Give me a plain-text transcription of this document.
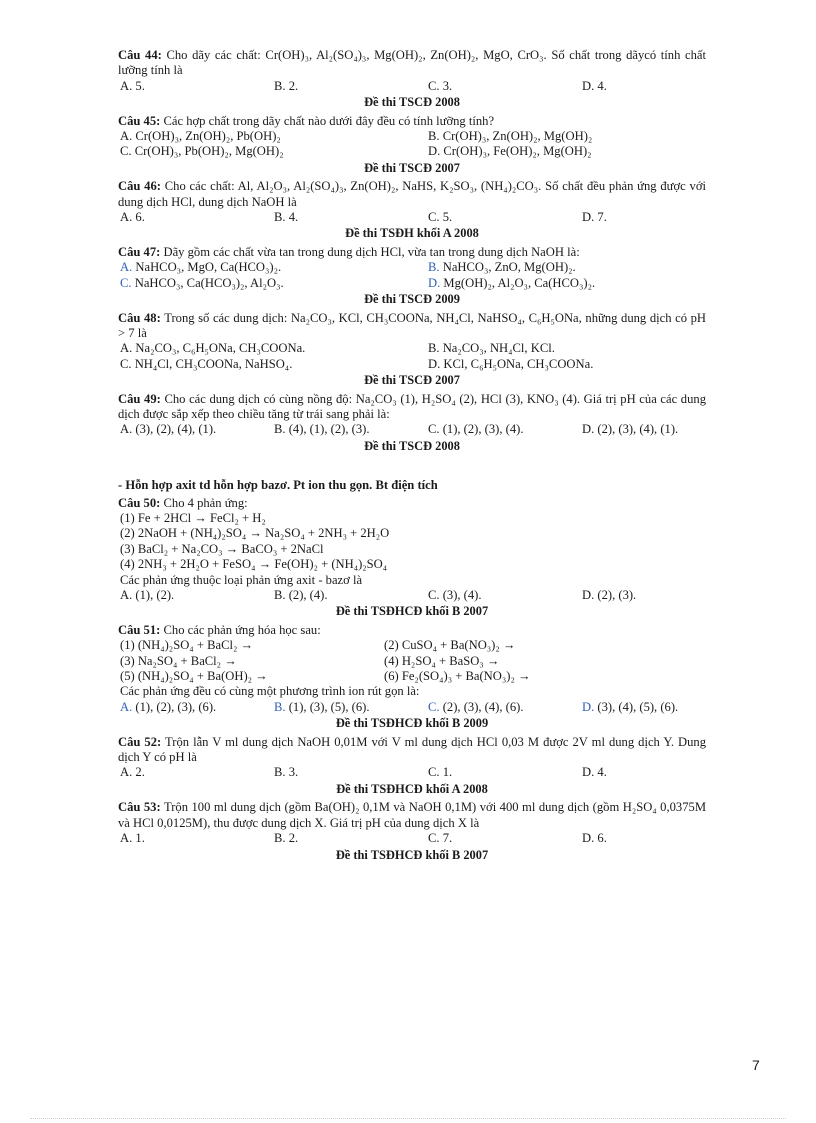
Câu 44: Cho dãy các chất: Cr(OH)₃, Al₂(SO₄)₃, Mg(OH)₂, Zn(OH)₂, MgO, CrO₃. Số chất trong dãycó tính chất lưỡng tính là
A. 5.	B. 2.	C. 3.	D. 4.
Đề thi TSCĐ 2008
Câu 45: Các hợp chất trong dãy chất nào dưới đây đều có tính lưỡng tính?
A. Cr(OH)₃, Zn(OH)₂, Pb(OH)₂	B. Cr(OH)₃, Zn(OH)₂, Mg(OH)₂
C. Cr(OH)₃, Pb(OH)₂, Mg(OH)₂	D. Cr(OH)₃, Fe(OH)₂, Mg(OH)₂
Đề thi TSCĐ 2007
Câu 46: Cho các chất: Al, Al₂O₃, Al₂(SO₄)₃, Zn(OH)₂, NaHS, K₂SO₃, (NH₄)₂CO₃. Số chất đều phản ứng được với dung dịch HCl, dung dịch NaOH là
A. 6.	B. 4.	C. 5.	D. 7.
Đề thi TSĐH khối A 2008
Câu 47: Dãy gồm các chất vừa tan trong dung dịch HCl, vừa tan trong dung dịch NaOH là:
A. NaHCO₃, MgO, Ca(HCO₃)₂.	B. NaHCO₃, ZnO, Mg(OH)₂.
C. NaHCO₃, Ca(HCO₃)₂, Al₂O₃.	D. Mg(OH)₂, Al₂O₃, Ca(HCO₃)₂.
Đề thi TSCĐ 2009
Câu 48: Trong số các dung dịch: Na₂CO₃, KCl, CH₃COONa, NH₄Cl, NaHSO₄, C₆H₅ONa, những dung dịch có pH > 7 là
A. Na₂CO₃, C₆H₅ONa, CH₃COONa.	B. Na₂CO₃, NH₄Cl, KCl.
C. NH₄Cl, CH₃COONa, NaHSO₄.	D. KCl, C₆H₅ONa, CH₃COONa.
Đề thi TSCĐ 2007
Câu 49: Cho các dung dịch có cùng nồng độ: Na₂CO₃ (1), H₂SO₄ (2), HCl (3), KNO₃ (4). Giá trị pH của các dung dịch được sắp xếp theo chiều tăng từ trái sang phải là:
A. (3), (2), (4), (1).	B. (4), (1), (2), (3).	C. (1), (2), (3), (4).	D. (2), (3), (4), (1).
Đề thi TSCĐ 2008
- Hỗn hợp axit td hỗn hợp bazơ. Pt ion thu gọn. Bt điện tích
Câu 50: Cho 4 phản ứng:
(1) Fe + 2HCl → FeCl₂ + H₂
(2) 2NaOH + (NH₄)₂SO₄ → Na₂SO₄ + 2NH₃ + 2H₂O
(3) BaCl₂ + Na₂CO₃ → BaCO₃ + 2NaCl
(4) 2NH₃ + 2H₂O + FeSO₄ → Fe(OH)₂ + (NH₄)₂SO₄
Các phản ứng thuộc loại phản ứng axit - bazơ là
A. (1), (2).	B. (2), (4).	C. (3), (4).	D. (2), (3).
Đề thi TSĐHCĐ khối B 2007
Câu 51: Cho các phản ứng hóa học sau:
(1) (NH₄)₂SO₄ + BaCl₂ →	(2) CuSO₄ + Ba(NO₃)₂ →
(3) Na₂SO₄ + BaCl₂ →	(4) H₂SO₄ + BaSO₃ →
(5) (NH₄)₂SO₄ + Ba(OH)₂ →	(6) Fe₂(SO₄)₃ + Ba(NO₃)₂ →
Các phản ứng đều có cùng một phương trình ion rút gọn là:
A. (1), (2), (3), (6).	B. (1), (3), (5), (6).	C. (2), (3), (4), (6).	D. (3), (4), (5), (6).
Đề thi TSĐHCĐ khối B 2009
Câu 52: Trộn lẫn V ml dung dịch NaOH 0,01M với V ml dung dịch HCl 0,03 M được 2V ml dung dịch Y. Dung dịch Y có pH là
A. 2.	B. 3.	C. 1.	D. 4.
Đề thi TSĐHCĐ khối A 2008
Câu 53: Trộn 100 ml dung dịch (gồm Ba(OH)₂ 0,1M và NaOH 0,1M) với 400 ml dung dịch (gồm H₂SO₄ 0,0375M và HCl 0,0125M), thu được dung dịch X. Giá trị pH của dung dịch X là
A. 1.	B. 2.	C. 7.	D. 6.
Đề thi TSĐHCĐ khối B 2007
7
